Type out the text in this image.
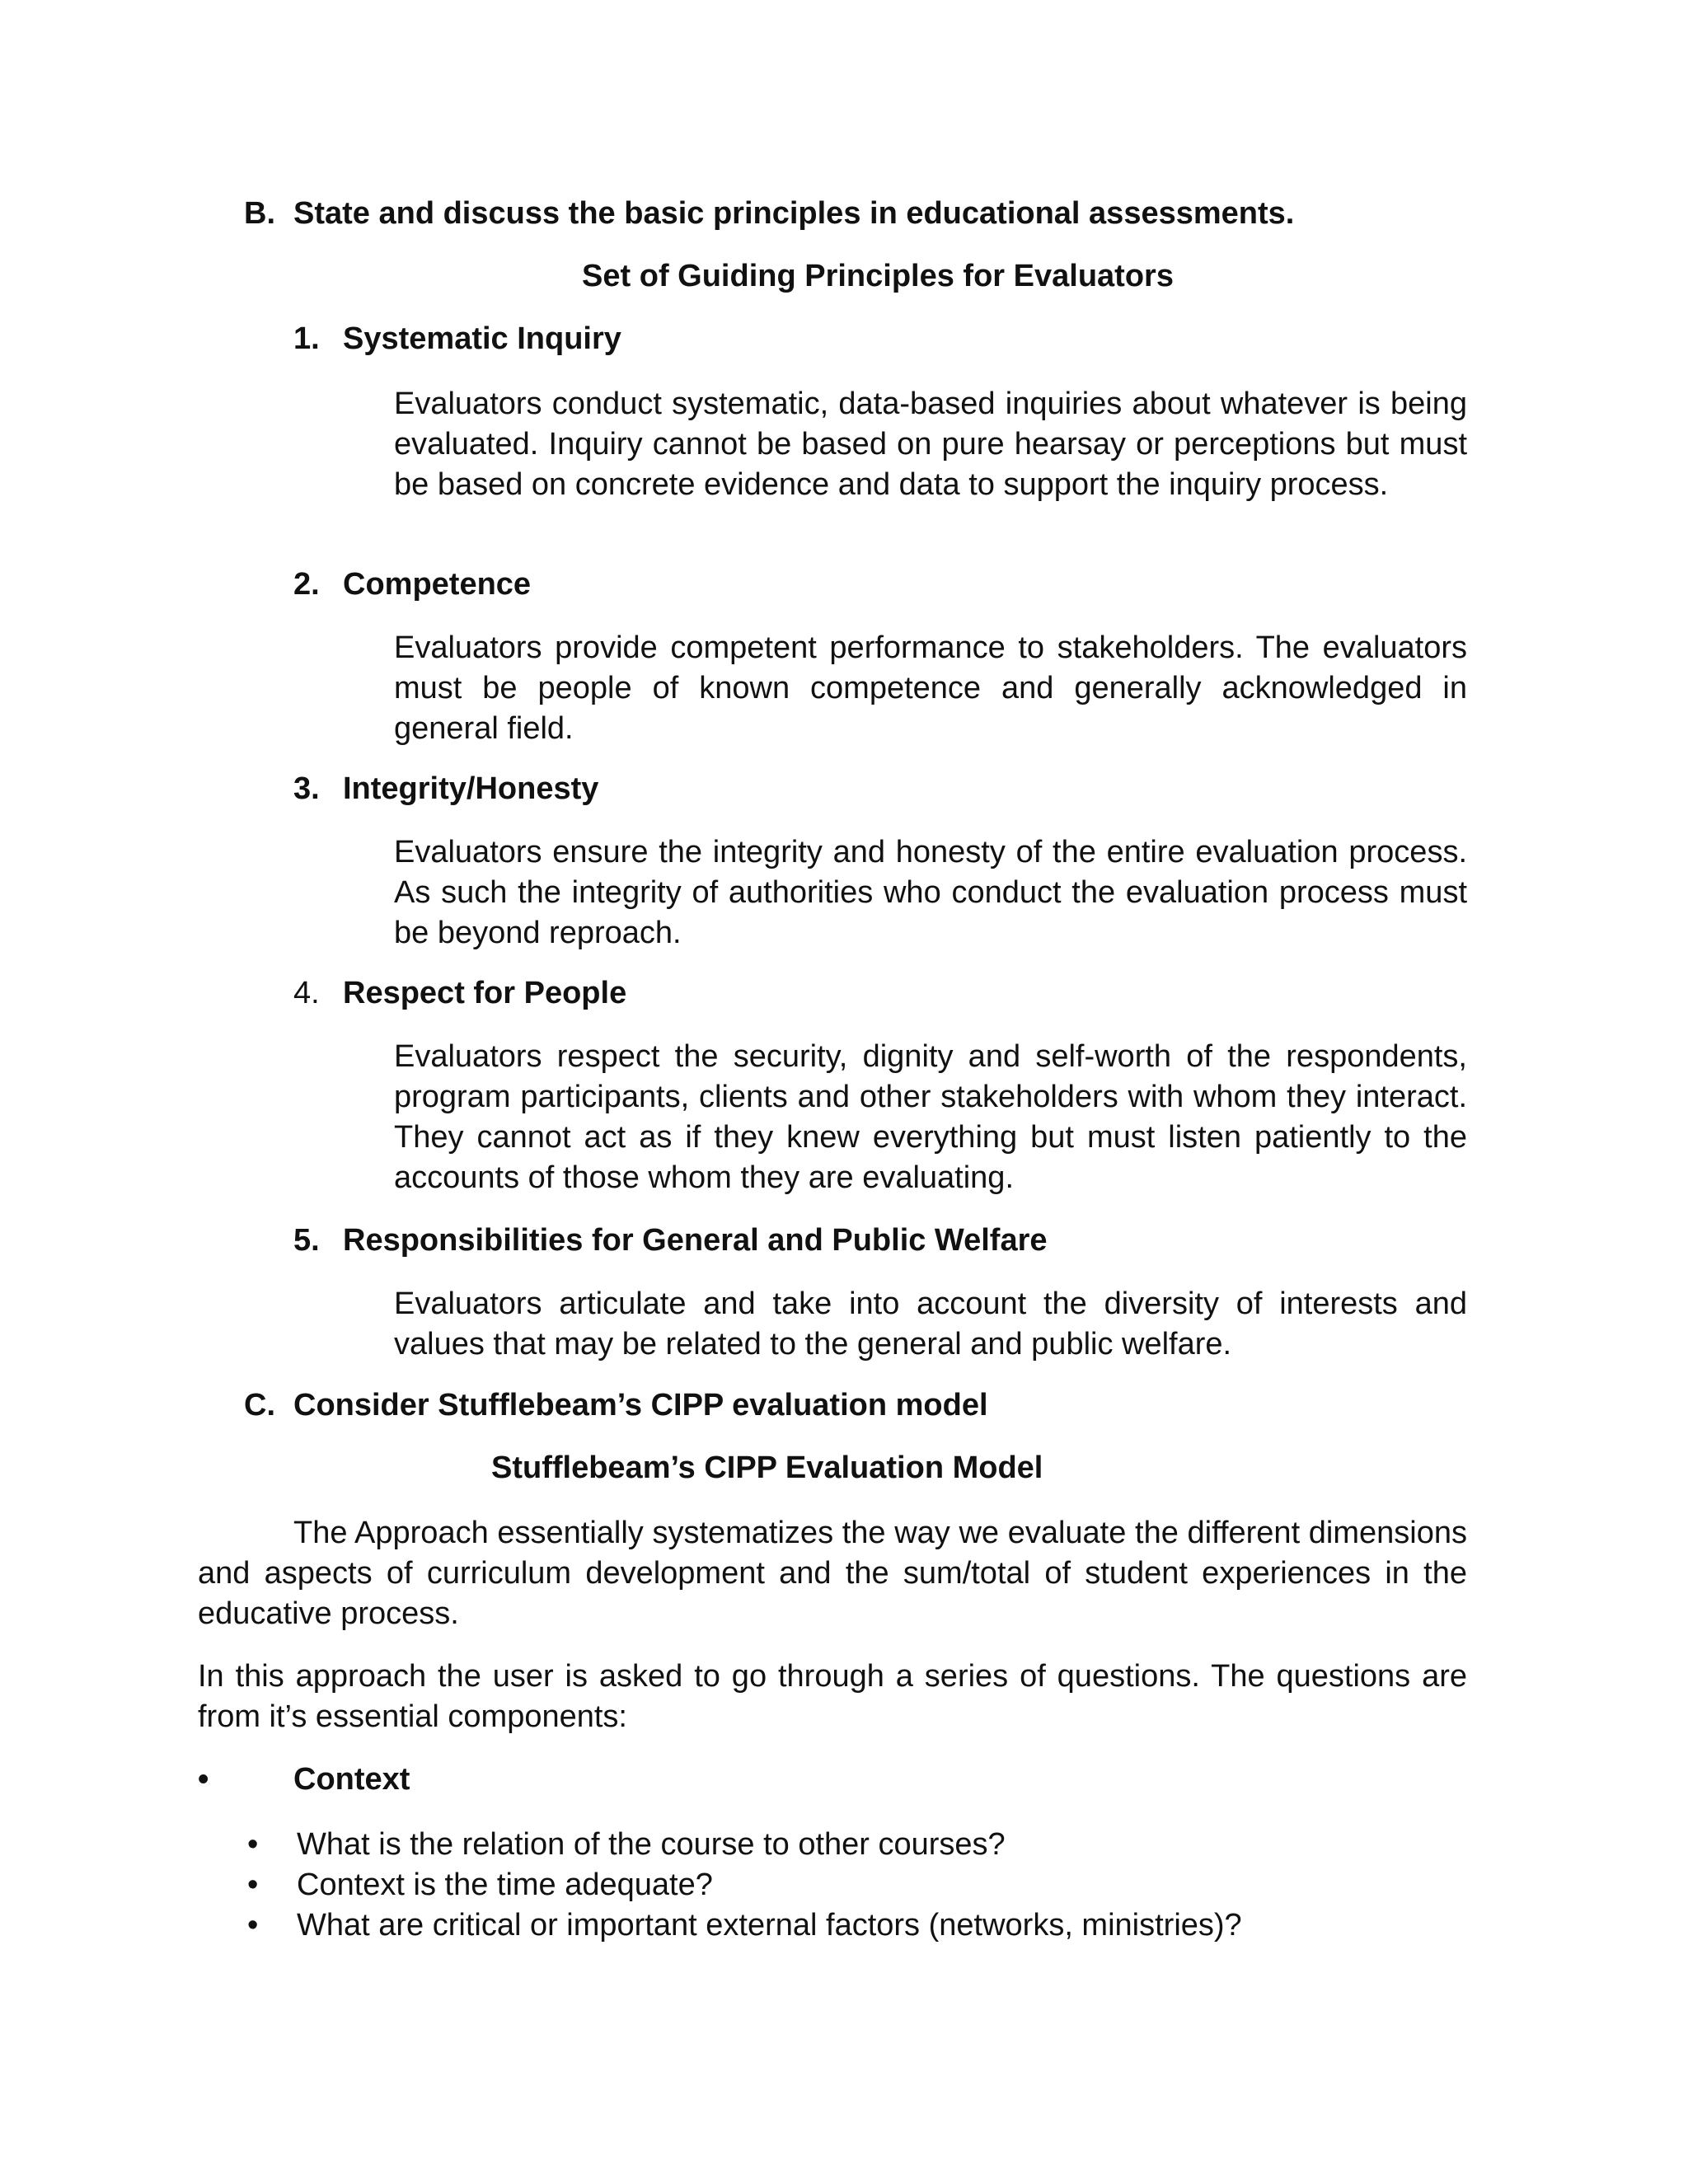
B. State and discuss the basic principles in educational assessments.
Set of Guiding Principles for Evaluators
1. Systematic Inquiry
Evaluators conduct systematic, data-based inquiries about whatever is being evaluated. Inquiry cannot be based on pure hearsay or perceptions but must be based on concrete evidence and data to support the inquiry process.
2. Competence
Evaluators provide competent performance to stakeholders. The evaluators must be people of known competence and generally acknowledged in general field.
3. Integrity/Honesty
Evaluators ensure the integrity and honesty of the entire evaluation process. As such the integrity of authorities who conduct the evaluation process must be beyond reproach.
4. Respect for People
Evaluators respect the security, dignity and self-worth of the respondents, program participants, clients and other stakeholders with whom they interact. They cannot act as if they knew everything but must listen patiently to the accounts of those whom they are evaluating.
5. Responsibilities for General and Public Welfare
Evaluators articulate and take into account the diversity of interests and values that may be related to the general and public welfare.
C. Consider Stufflebeam’s CIPP evaluation model
Stufflebeam’s CIPP Evaluation Model
The Approach essentially systematizes the way we evaluate the different dimensions and aspects of curriculum development and the sum/total of student experiences in the educative process.
In this approach the user is asked to go through a series of questions. The questions are from it’s essential components:
•	Context
•	What is the relation of the course to other courses?
•	Context is the time adequate?
•	What are critical or important external factors (networks, ministries)?
